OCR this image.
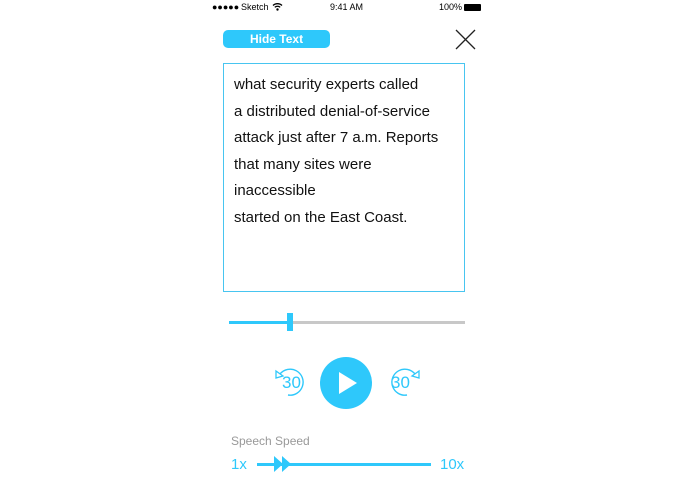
●●●●● Sketch	9:41 AM	100%
Hide Text
what security experts called
a distributed denial-of-service
attack just after 7 a.m. Reports
that many sites were inaccessible
started on the East Coast.
30	30
Speech Speed
1x	10x
